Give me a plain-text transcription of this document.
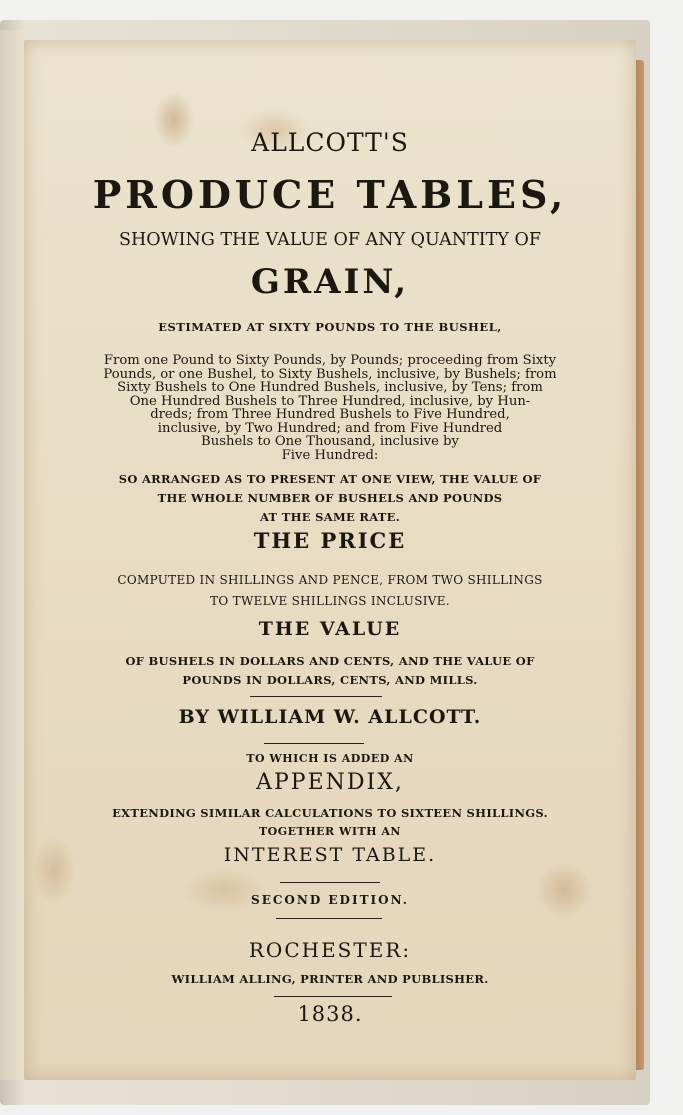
ALLCOTT'S

PRODUCE TABLES,

SHOWING THE VALUE OF ANY QUANTITY OF

GRAIN,

ESTIMATED AT SIXTY POUNDS TO THE BUSHEL,

From one Pound to Sixty Pounds, by Pounds; proceeding from Sixty
Pounds, or one Bushel, to Sixty Bushels, inclusive, by Bushels; from
Sixty Bushels to One Hundred Bushels, inclusive, by Tens; from
One Hundred Bushels to Three Hundred, inclusive, by Hun-
dreds; from Three Hundred Bushels to Five Hundred,
inclusive, by Two Hundred; and from Five Hundred
Bushels to One Thousand, inclusive by
Five Hundred:
SO ARRANGED AS TO PRESENT AT ONE VIEW, THE VALUE OF
THE WHOLE NUMBER OF BUSHELS AND POUNDS
AT THE SAME RATE.

THE PRICE

COMPUTED IN SHILLINGS AND PENCE, FROM TWO SHILLINGS
TO TWELVE SHILLINGS INCLUSIVE.

THE VALUE

OF BUSHELS IN DOLLARS AND CENTS, AND THE VALUE OF
POUNDS IN DOLLARS, CENTS, AND MILLS.

BY WILLIAM W. ALLCOTT.

TO WHICH IS ADDED AN

APPENDIX,

EXTENDING SIMILAR CALCULATIONS TO SIXTEEN SHILLINGS.

TOGETHER WITH AN

INTEREST TABLE.

SECOND EDITION.

ROCHESTER:

WILLIAM ALLING, PRINTER AND PUBLISHER.

1838.
